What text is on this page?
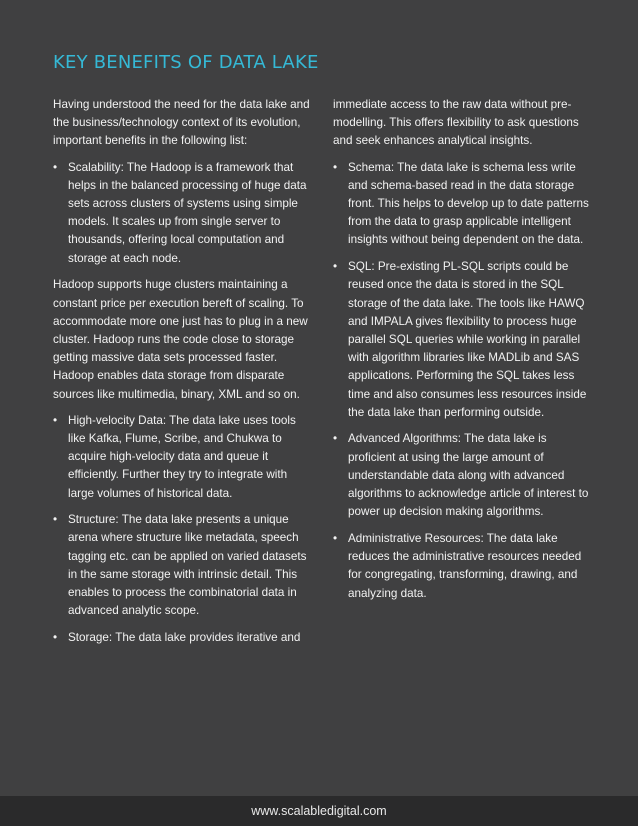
KEY BENEFITS OF DATA LAKE

Having understood the need for the data lake and the business/technology context of its evolution, important benefits in the following list:

• Scalability: The Hadoop is a framework that helps in the balanced processing of huge data sets across clusters of systems using simple models. It scales up from single server to thousands, offering local computation and storage at each node.

Hadoop supports huge clusters maintaining a constant price per execution bereft of scaling. To accommodate more one just has to plug in a new cluster. Hadoop runs the code close to storage getting massive data sets processed faster. Hadoop enables data storage from disparate sources like multimedia, binary, XML and so on.

• High-velocity Data: The data lake uses tools like Kafka, Flume, Scribe, and Chukwa to acquire high-velocity data and queue it efficiently. Further they try to integrate with large volumes of historical data.
• Structure: The data lake presents a unique arena where structure like metadata, speech tagging etc. can be applied on varied datasets in the same storage with intrinsic detail. This enables to process the combinatorial data in advanced analytic scope.
• Storage: The data lake provides iterative and

immediate access to the raw data without pre-modelling. This offers flexibility to ask questions and seek enhances analytical insights.

• Schema: The data lake is schema less write and schema-based read in the data storage front. This helps to develop up to date patterns from the data to grasp applicable intelligent insights without being dependent on the data.
• SQL: Pre-existing PL-SQL scripts could be reused once the data is stored in the SQL storage of the data lake. The tools like HAWQ and IMPALA gives flexibility to process huge parallel SQL queries while working in parallel with algorithm libraries like MADLib and SAS applications. Performing the SQL takes less time and also consumes less resources inside the data lake than performing outside.
• Advanced Algorithms: The data lake is proficient at using the large amount of understandable data along with advanced algorithms to acknowledge article of interest to power up decision making algorithms.
• Administrative Resources: The data lake reduces the administrative resources needed for congregating, transforming, drawing, and analyzing data.
www.scalabledigital.com
